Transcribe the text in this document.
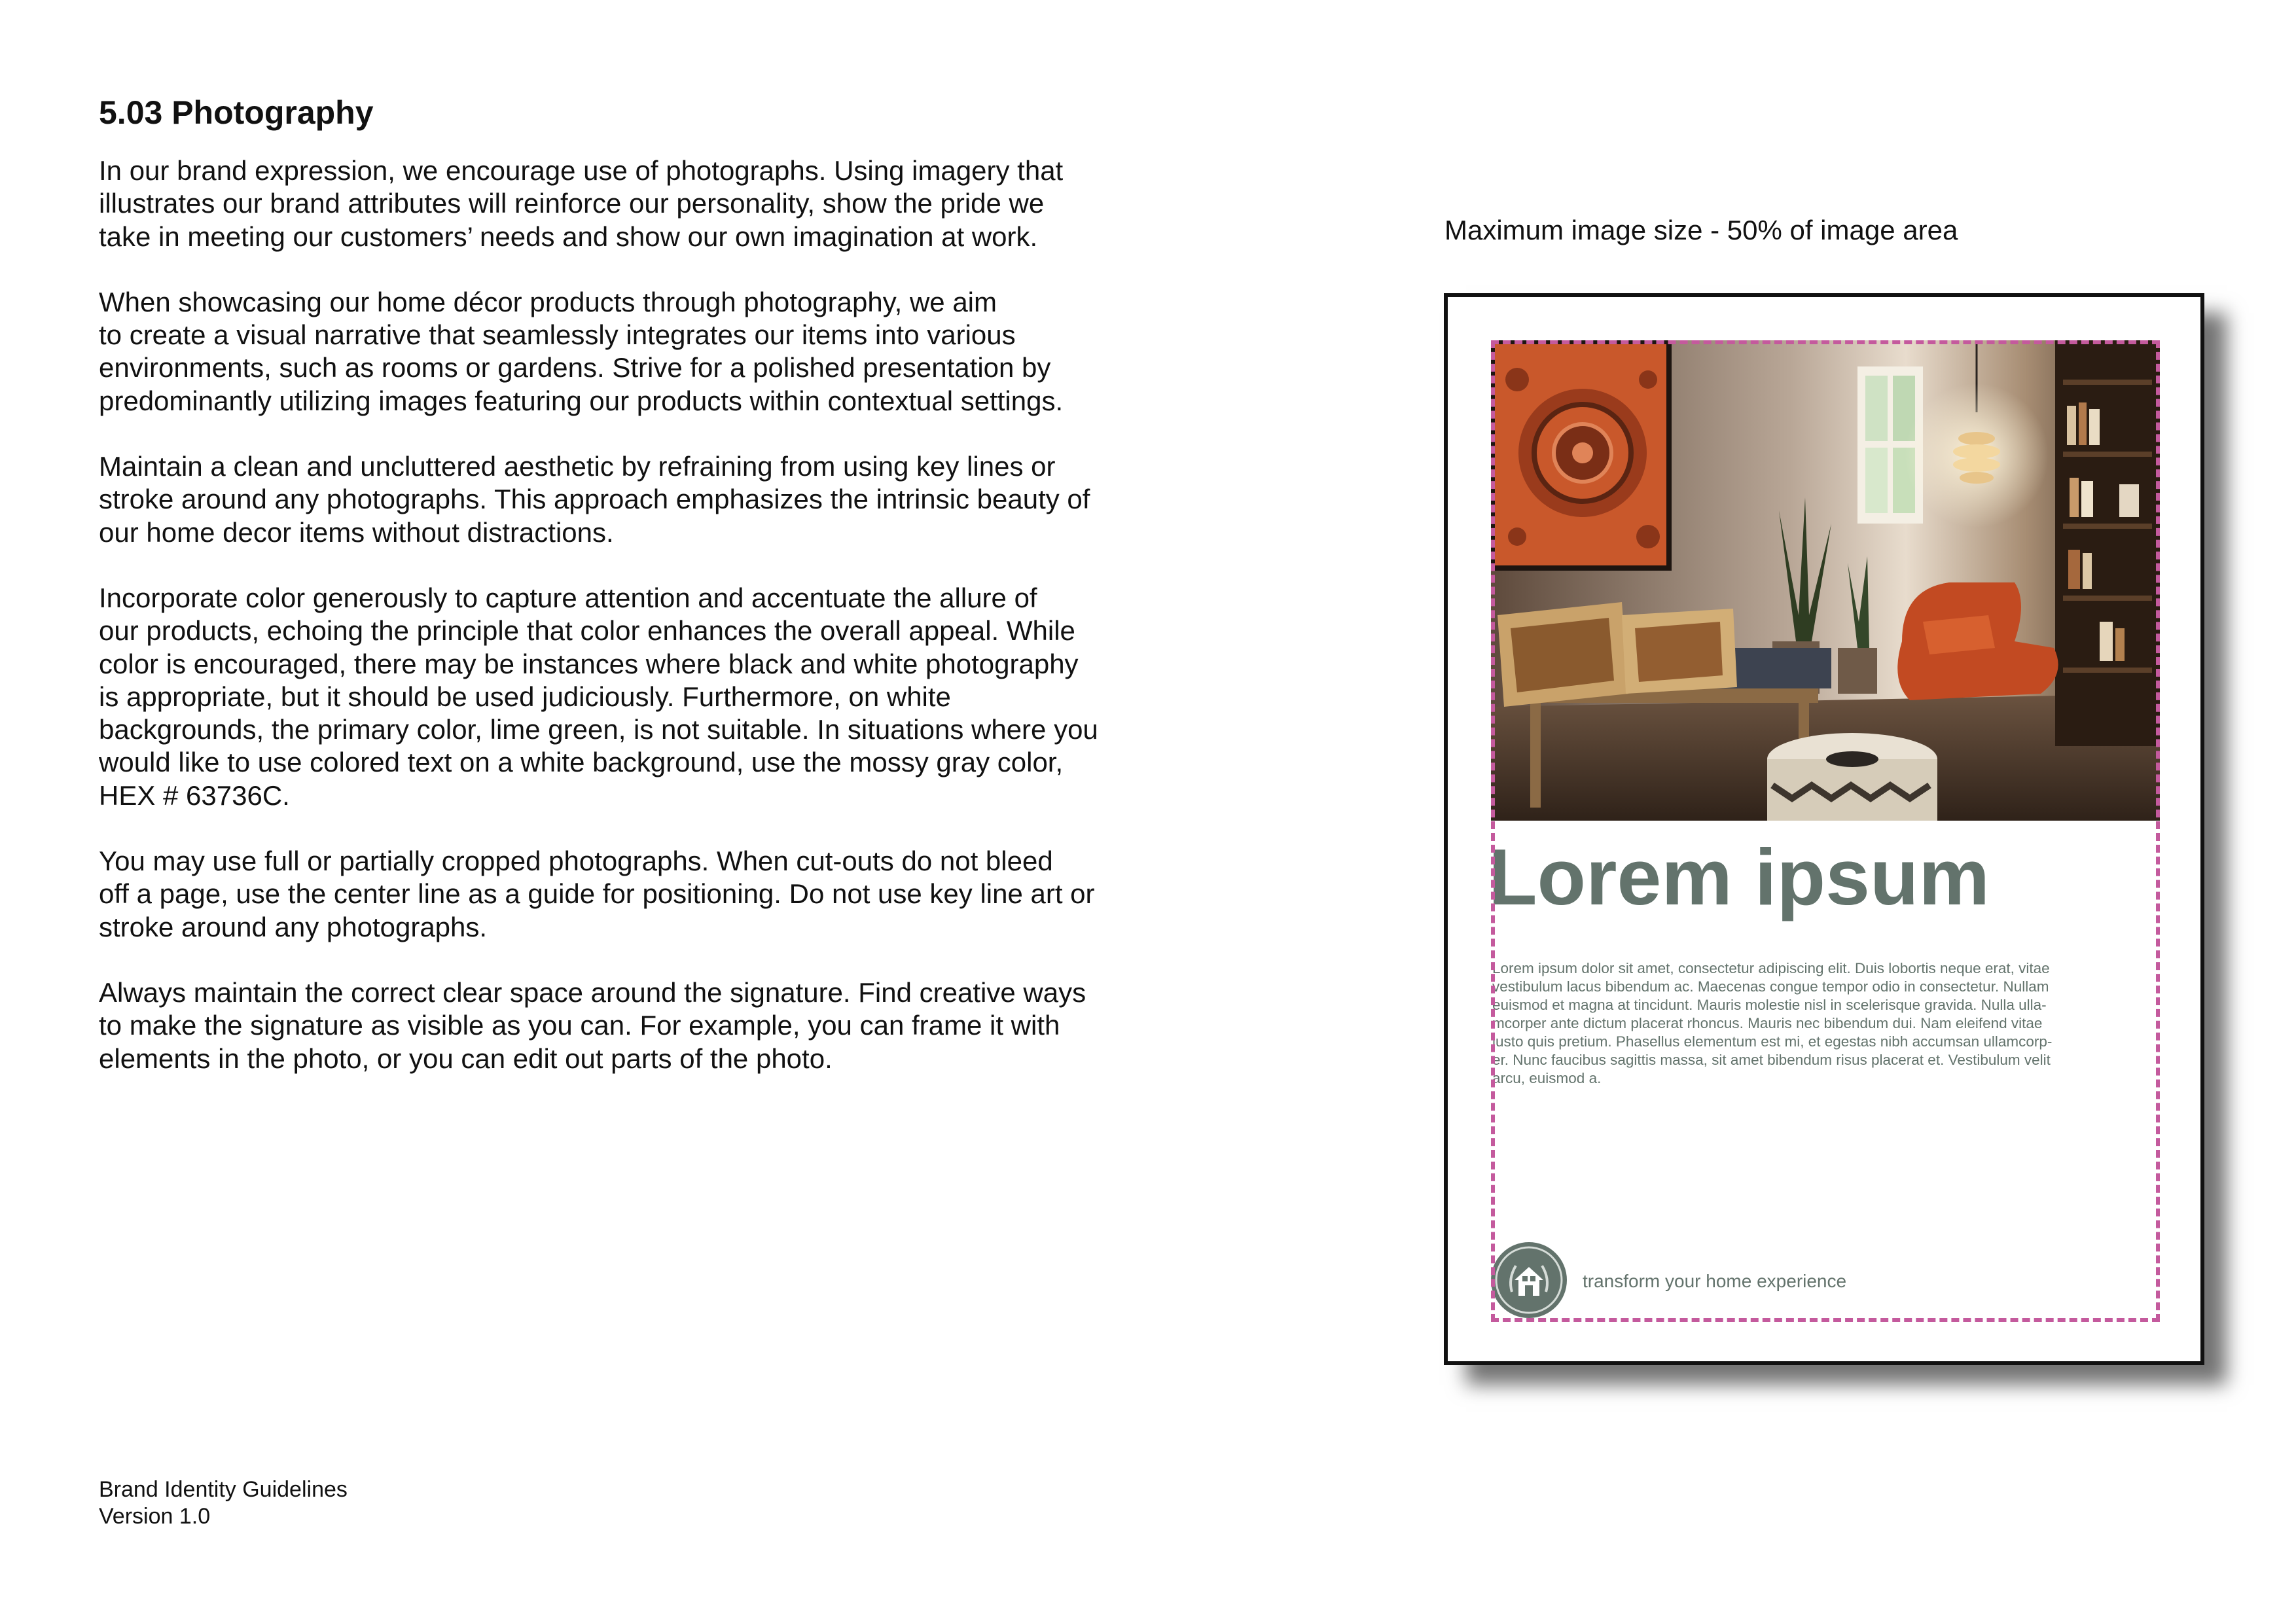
5.03 Photography

In our brand expression, we encourage use of photographs. Using imagery that
illustrates our brand attributes will reinforce our personality, show the pride we
take in meeting our customers’ needs and show our own imagination at work.

When showcasing our home décor products through photography, we aim
to create a visual narrative that seamlessly integrates our items into various
environments, such as rooms or gardens. Strive for a polished presentation by
predominantly utilizing images featuring our products within contextual settings.

Maintain a clean and uncluttered aesthetic by refraining from using key lines or
stroke around any photographs. This approach emphasizes the intrinsic beauty of
our home decor items without distractions.

Incorporate color generously to capture attention and accentuate the allure of
our products, echoing the principle that color enhances the overall appeal. While
color is encouraged, there may be instances where black and white photography
is appropriate, but it should be used judiciously. Furthermore, on white
backgrounds, the primary color, lime green, is not suitable. In situations where you
would like to use colored text on a white background, use the mossy gray color,
HEX # 63736C.

You may use full or partially cropped photographs. When cut-outs do not bleed
off a page, use the center line as a guide for positioning. Do not use key line art or
stroke around any photographs.

Always maintain the correct clear space around the signature. Find creative ways
to make the signature as visible as you can. For example, you can frame it with
elements in the photo, or you can edit out parts of the photo.

Maximum image size - 50% of image area
Lorem ipsum
Lorem ipsum dolor sit amet, consectetur adipiscing elit. Duis lobortis neque erat, vitae
vestibulum lacus bibendum ac. Maecenas congue tempor odio in consectetur. Nullam
euismod et magna at tincidunt. Mauris molestie nisl in scelerisque gravida. Nulla ulla-
mcorper ante dictum placerat rhoncus. Mauris nec bibendum dui. Nam eleifend vitae
justo quis pretium. Phasellus elementum est mi, et egestas nibh accumsan ullamcorp-
er. Nunc faucibus sagittis massa, sit amet bibendum risus placerat et. Vestibulum velit
arcu, euismod a.
transform your home experience
Brand Identity Guidelines
Version 1.0
